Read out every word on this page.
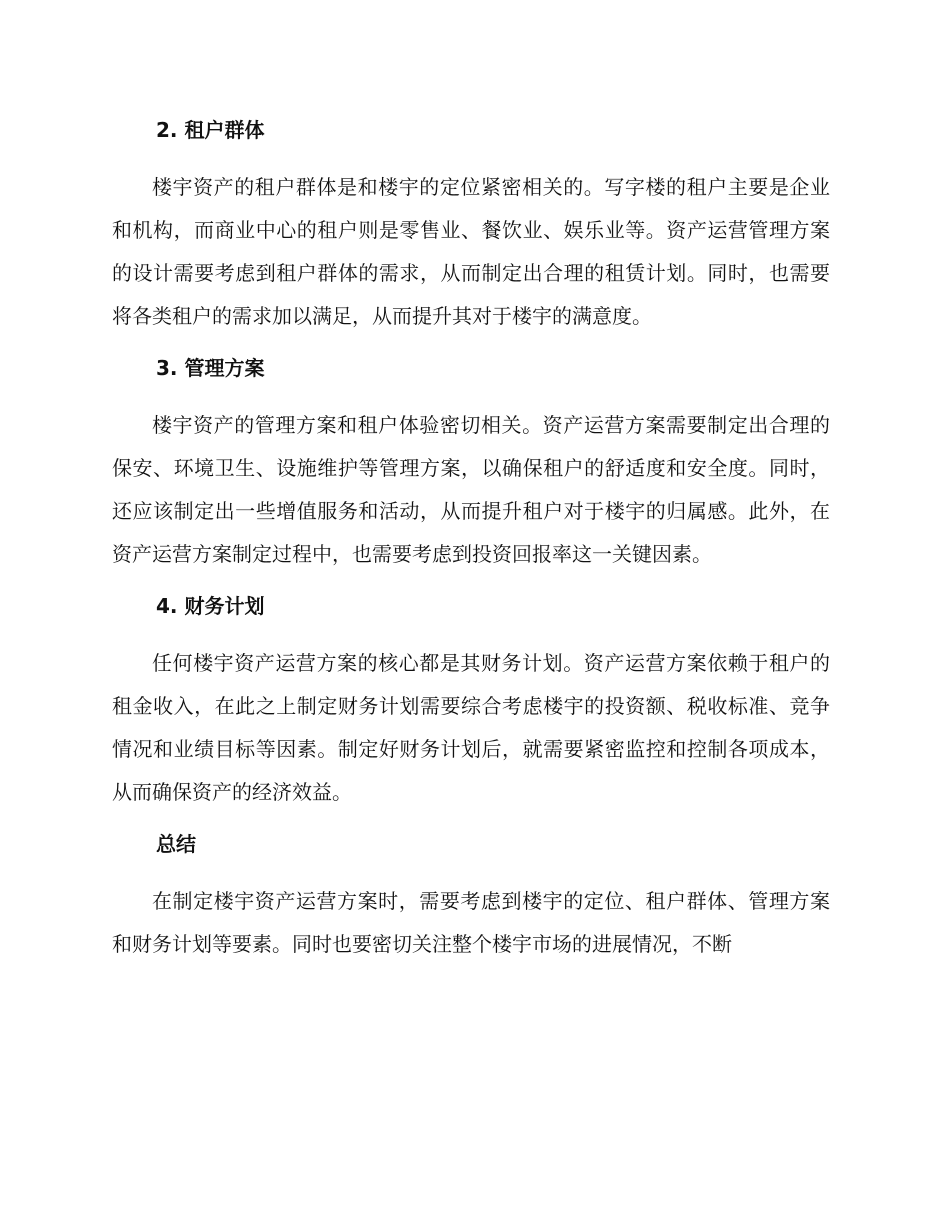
2. 租户群体

楼宇资产的租户群体是和楼宇的定位紧密相关的。写字楼的租户主要是企业和机构，而商业中心的租户则是零售业、餐饮业、娱乐业等。资产运营管理方案的设计需要考虑到租户群体的需求，从而制定出合理的租赁计划。同时，也需要将各类租户的需求加以满足，从而提升其对于楼宇的满意度。

3. 管理方案

楼宇资产的管理方案和租户体验密切相关。资产运营方案需要制定出合理的保安、环境卫生、设施维护等管理方案，以确保租户的舒适度和安全度。同时，还应该制定出一些增值服务和活动，从而提升租户对于楼宇的归属感。此外，在资产运营方案制定过程中，也需要考虑到投资回报率这一关键因素。

4. 财务计划

任何楼宇资产运营方案的核心都是其财务计划。资产运营方案依赖于租户的租金收入，在此之上制定财务计划需要综合考虑楼宇的投资额、税收标准、竞争情况和业绩目标等因素。制定好财务计划后，就需要紧密监控和控制各项成本，从而确保资产的经济效益。

总结

在制定楼宇资产运营方案时，需要考虑到楼宇的定位、租户群体、管理方案和财务计划等要素。同时也要密切关注整个楼宇市场的进展情况，不断
